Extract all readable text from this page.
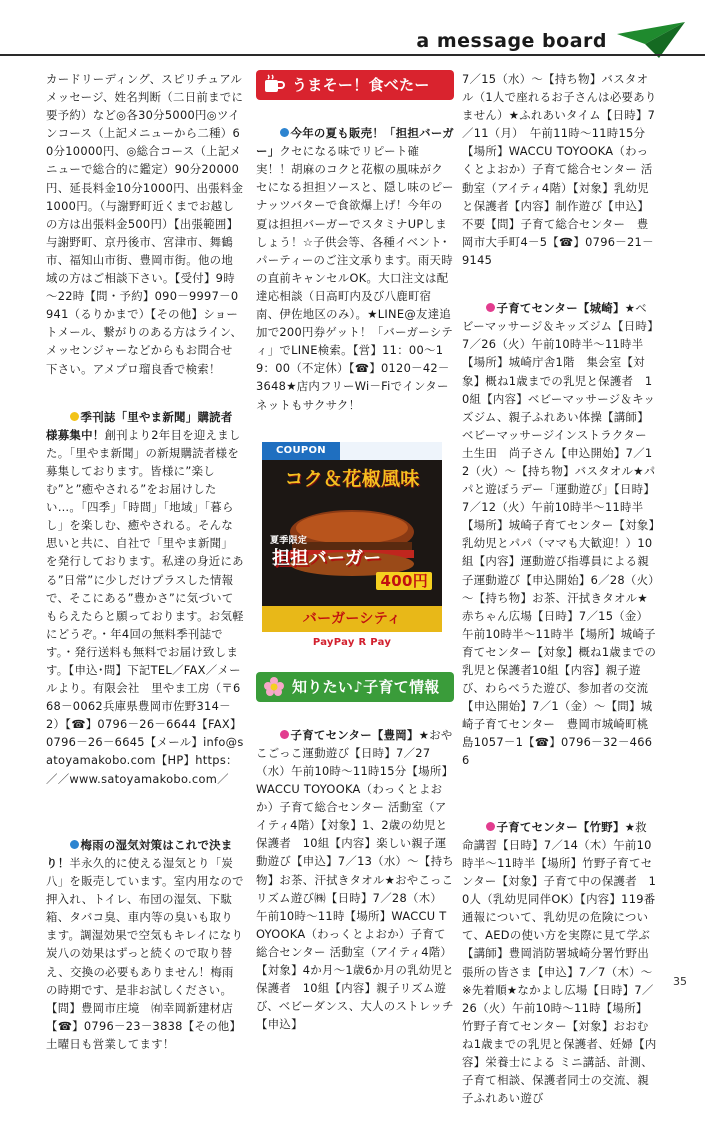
a message board

カードリーディング、スピリチュアルメッセージ、姓名判断（二日前までに要予約）など◎各30分5000円◎ツインコース（上記メニューから二種）60分10000円、◎総合コース（上記メニューで総合的に鑑定）90分20000円、延長料金10分1000円、出張料金1000円。（与謝野町近くまでお越しの方は出張料金500円）【出張範囲】与謝野町、京丹後市、宮津市、舞鶴市、福知山市街、豊岡市街。他の地域の方はご相談下さい。【受付】9時～22時【問・予約】090－9997－0941（るりかまで）【その他】ショートメール、繋がりのある方はライン、メッセンジャーなどからもお問合せ下さい。アメプロ瑠良香で検索！

季刊誌「里やま新聞」購読者様募集中！創刊より2年目を迎えました。「里やま新聞」の新規購読者様を募集しております。皆様に”楽しむ”と”癒やされる”をお届けしたい…。「四季」「時間」「地域」「暮らし」を楽しむ、癒やされる。そんな思いと共に、自社で「里やま新聞」を発行しております。私達の身近にある”日常”に少しだけプラスした情報で、そこにある”豊かさ”に気づいてもらえたらと願っております。お気軽にどうぞ。・年4回の無料季刊誌です。・発行送料も無料でお届け致します。【申込･問】下記TEL／FAX／メールより。有限会社　里やま工房（〒668－0062兵庫県豊岡市佐野314－2）【☎】0796－26－6644【FAX】0796－26－6645【メール】info@satoyamakobo.com【HP】https：／／www.satoyamakobo.com／

梅雨の湿気対策はこれで決まり！半永久的に使える湿気とり「炭八」を販売しています。室内用なので押入れ、トイレ、布団の湿気、下駄箱、タバコ臭、車内等の臭いも取ります。調湿効果で空気もキレイになり炭八の効果はずっと続くので取り替え、交換の必要もありません！梅雨の時期です、是非お試しください。【問】豊岡市庄境　㈲幸岡新建材店【☎】0796－23－3838【その他】土曜日も営業してます！

うまそー！食べたーい！

今年の夏も販売！「担担バーガー」クセになる味でリピート確実！！胡麻のコクと花椒の風味がクセになる担担ソースと、隠し味のピーナッツバターで食欲爆上げ！今年の夏は担担バーガーでスタミナUPしましょう！☆子供会等、各種イベント･パーティーのご注文承ります。雨天時の直前キャンセルOK。大口注文は配達応相談（日高町内及び八鹿町宿南、伊佐地区のみ）。★LINE@友達追加で200円券ゲット！「バーガーシティ」でLINE検索。【営】11：00～19：00（不定休）【☎】0120－42－3648★店内フリーWi－Fiでインターネットもサクサク！

COUPON
コク＆花椒風味
夏季限定
担担バーガー
400円
バーガーシティ
PayPay R Pay
知りたい♪子育て情報

子育てセンター【豊岡】★おやこごっこ運動遊び【日時】7／27（水）午前10時～11時15分【場所】WACCU TOYOOKA（わっくとよおか）子育て総合センター 活動室（アイティ4階）【対象】1、2歳の幼児と保護者　10組【内容】楽しい親子運動遊び【申込】7／13（水）～【持ち物】お茶、汗拭きタオル★おやこっこリズム遊び㈱【日時】7／28（木）　午前10時～11時【場所】WACCU TOYOOKA（わっくとよおか）子育て総合センター 活動室（アイティ4階）【対象】4か月～1歳6か月の乳幼児と保護者　10組【内容】親子リズム遊び、ベビーダンス、大人のストレッチ【申込】

7／15（水）～【持ち物】バスタオル（1人で座れるお子さんは必要ありません）★ふれあいタイム【日時】7／11（月）　午前11時～11時15分【場所】WACCU TOYOOKA（わっくとよおか）子育て総合センター 活動室（アイティ4階）【対象】乳幼児と保護者【内容】制作遊び【申込】不要【問】子育て総合センター　豊岡市大手町4－5【☎】0796－21－9145

子育てセンター【城崎】★ベビーマッサージ＆キッズジム【日時】7／26（火）午前10時半～11時半【場所】城崎庁舎1階　集会室【対象】概ね1歳までの乳児と保護者　10組【内容】ベビーマッサージ＆キッズジム、親子ふれあい体操【講師】ベビーマッサージインストラクター　土生田　尚子さん【申込開始】7／12（火）～【持ち物】バスタオル★パパと遊ぼうデー「運動遊び」【日時】7／12（火）午前10時半～11時半【場所】城崎子育てセンター【対象】乳幼児とパパ（ママも大歓迎！）10組【内容】運動遊び指導員による親子運動遊び【申込開始】6／28（火）～【持ち物】お茶、汗拭きタオル★赤ちゃん広場【日時】7／15（金）午前10時半～11時半【場所】城崎子育てセンター【対象】概ね1歳までの乳児と保護者10組【内容】親子遊び、わらべうた遊び、参加者の交流【申込開始】7／1（金）～【問】城崎子育てセンター　豊岡市城崎町桃島1057－1【☎】0796－32－4666

子育てセンター【竹野】★救命講習【日時】7／14（木）午前10時半～11時半【場所】竹野子育てセンター【対象】子育て中の保護者　10人（乳幼児同伴OK）【内容】119番通報について、乳幼児の危険について、AEDの使い方を実際に見て学ぶ【講師】豊岡消防署城崎分署竹野出張所の皆さま【申込】7／7（木）～　※先着順★なかよし広場【日時】7／26（火）午前10時～11時【場所】竹野子育てセンター【対象】おおむね1歳までの乳児と保護者、妊婦【内容】栄養士による ミニ講話、計測、子育て相談、保護者同士の交流、親子ふれあい遊び

35
